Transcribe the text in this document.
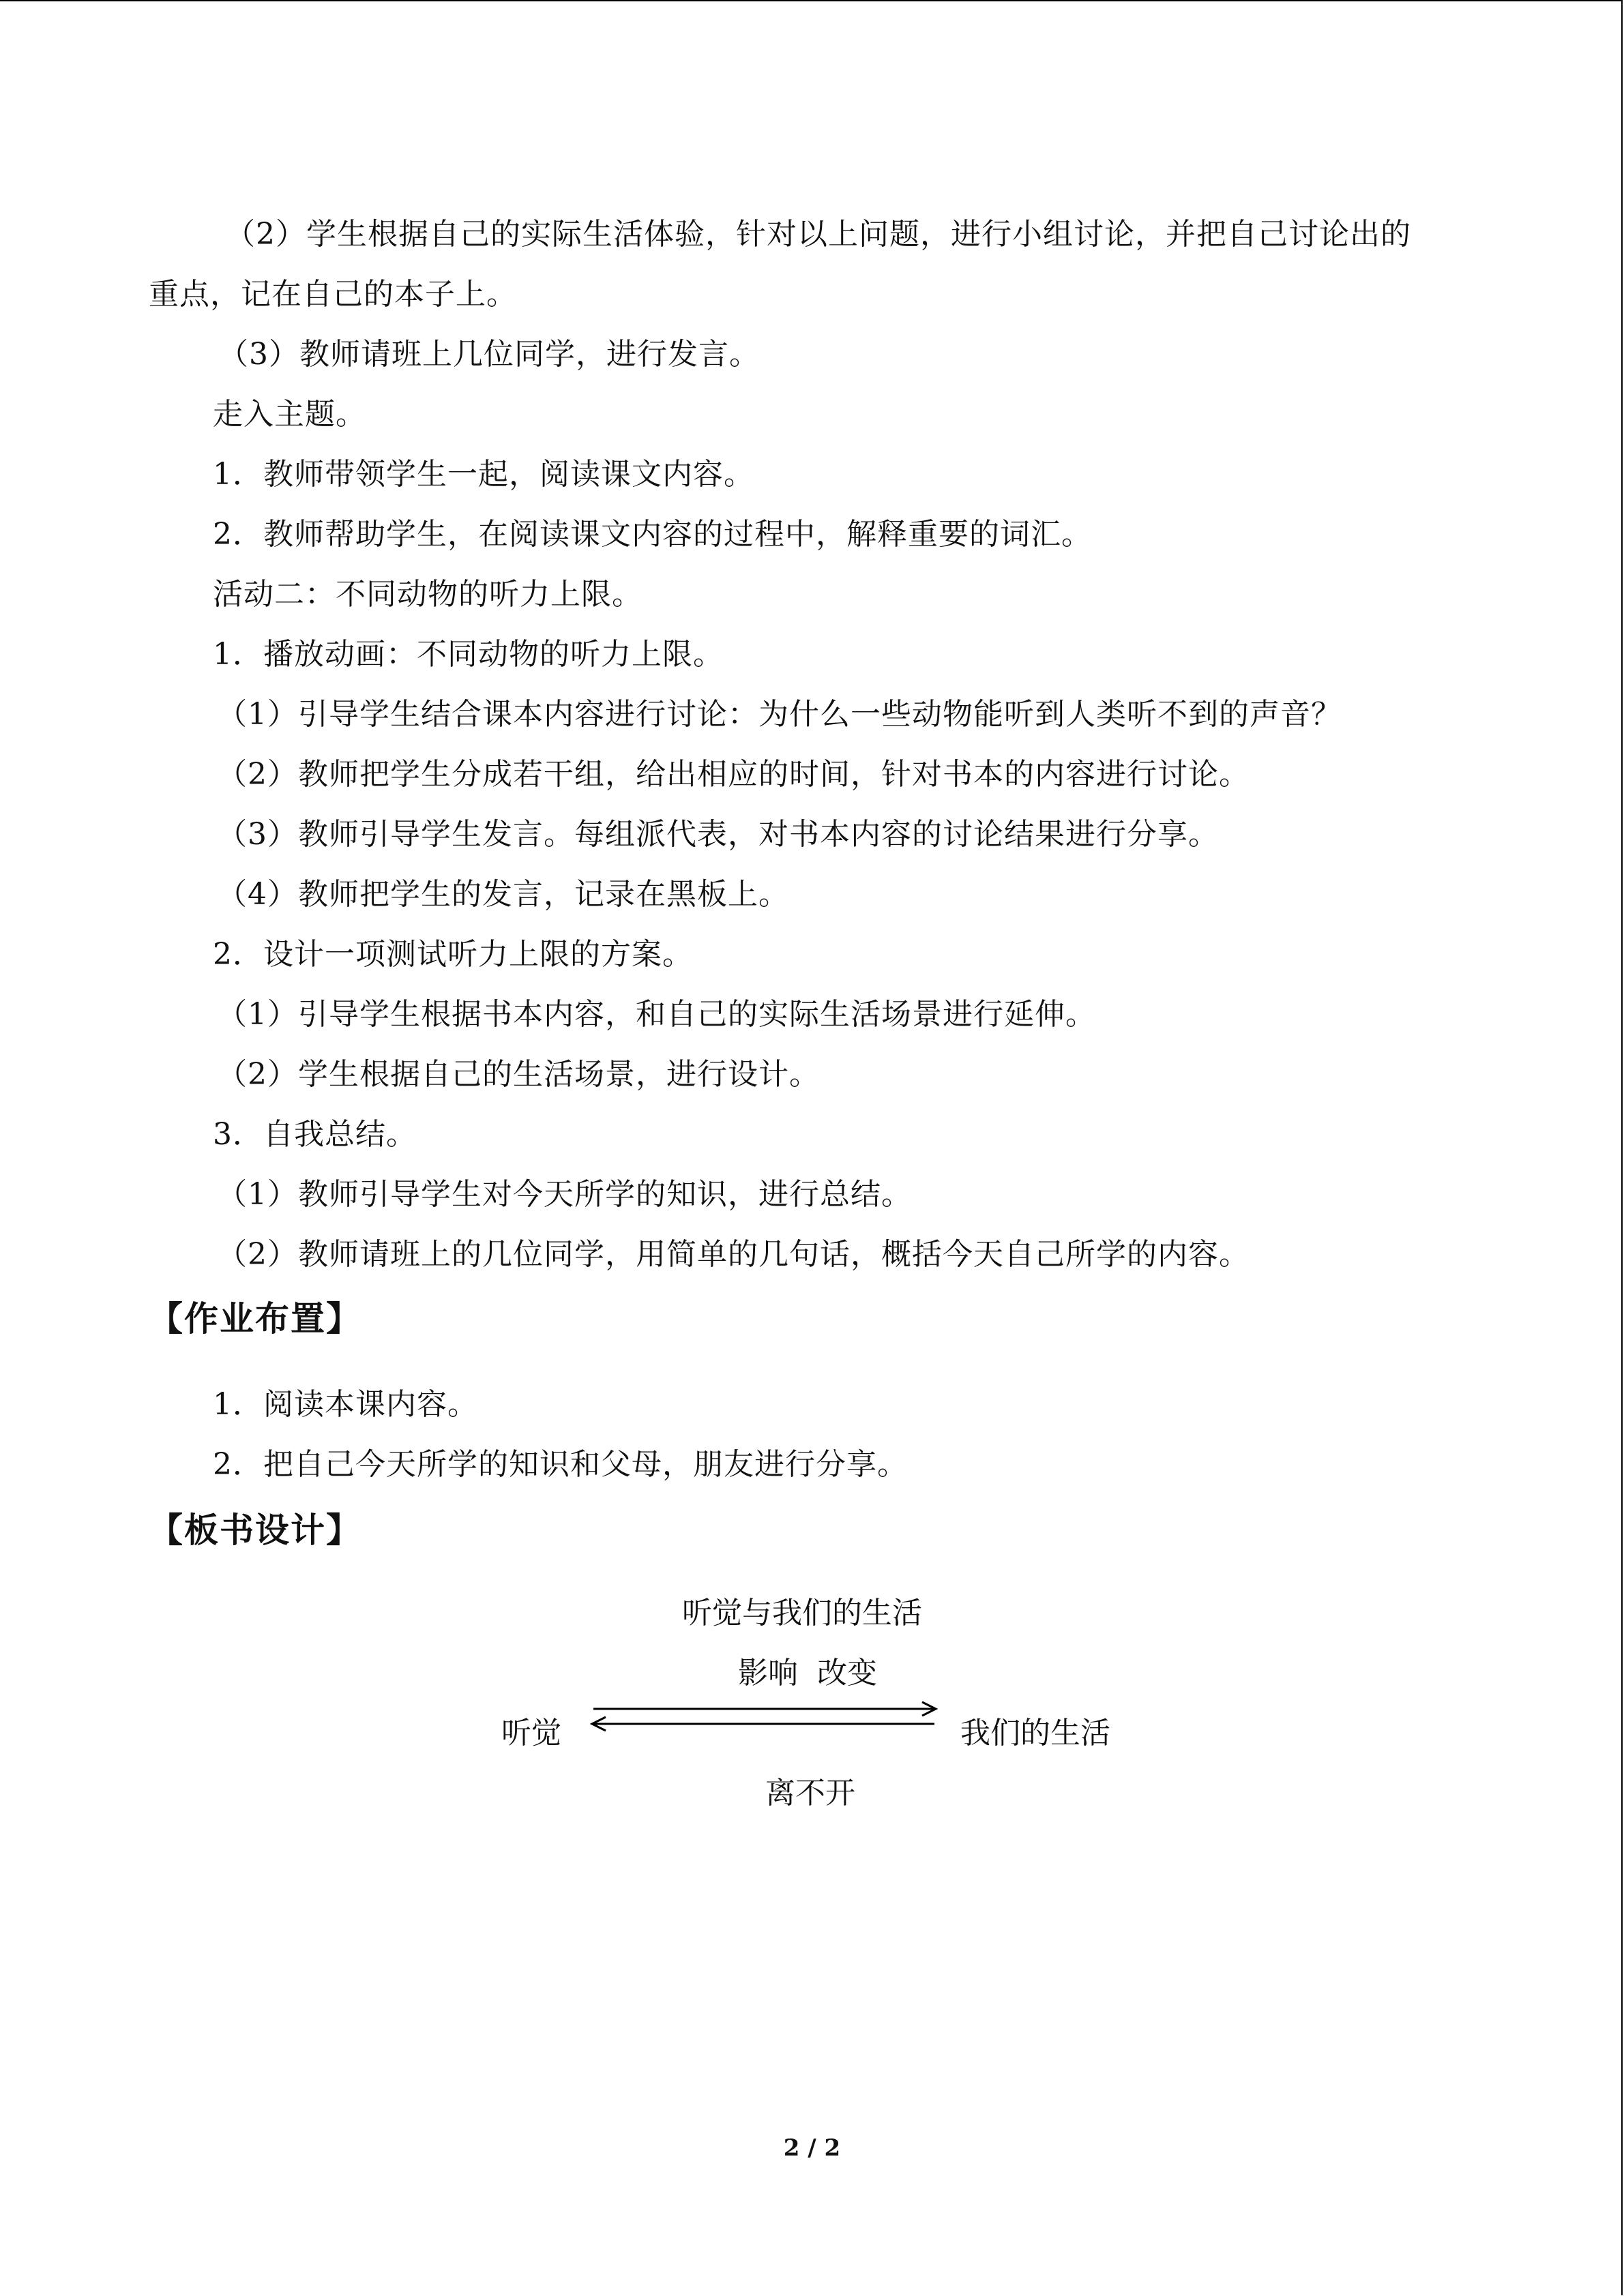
（2）学生根据自己的实际生活体验，针对以上问题，进行小组讨论，并把自己讨论出的
重点，记在自己的本子上。
（3）教师请班上几位同学，进行发言。
走入主题。
1．教师带领学生一起，阅读课文内容。
2．教师帮助学生，在阅读课文内容的过程中，解释重要的词汇。
活动二：不同动物的听力上限。
1．播放动画：不同动物的听力上限。
（1）引导学生结合课本内容进行讨论：为什么一些动物能听到人类听不到的声音？
（2）教师把学生分成若干组，给出相应的时间，针对书本的内容进行讨论。
（3）教师引导学生发言。每组派代表，对书本内容的讨论结果进行分享。
（4）教师把学生的发言，记录在黑板上。
2．设计一项测试听力上限的方案。
（1）引导学生根据书本内容，和自己的实际生活场景进行延伸。
（2）学生根据自己的生活场景，进行设计。
3．自我总结。
（1）教师引导学生对今天所学的知识，进行总结。
（2）教师请班上的几位同学，用简单的几句话，概括今天自己所学的内容。
【作业布置】
1．阅读本课内容。
2．把自己今天所学的知识和父母，朋友进行分享。
【板书设计】
听觉与我们的生活
影响  改变
听觉	我们的生活
离不开
2 / 2
